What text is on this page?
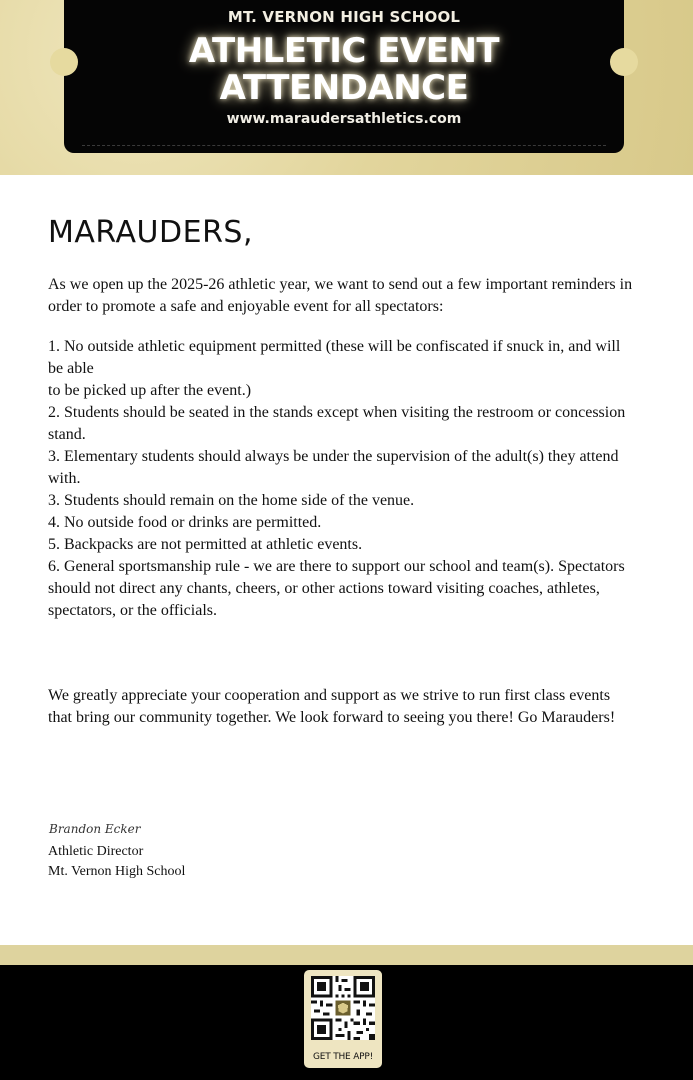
MT. VERNON HIGH SCHOOL
ATHLETIC EVENT
ATTENDANCE
www.maraudersathletics.com
MARAUDERS,

As we open up the 2025-26 athletic year, we want to send out a few important reminders in order to promote a safe and enjoyable event for all spectators:

1. No outside athletic equipment permitted (these will be confiscated if snuck in, and will be able
to be picked up after the event.)
2. Students should be seated in the stands except when visiting the restroom or concession stand.
3. Elementary students should always be under the supervision of the adult(s) they attend with.
3. Students should remain on the home side of the venue.
4. No outside food or drinks are permitted.
5. Backpacks are not permitted at athletic events.
6. General sportsmanship rule - we are there to support our school and team(s). Spectators
should not direct any chants, cheers, or other actions toward visiting coaches, athletes,
spectators, or the officials.

We greatly appreciate your cooperation and support as we strive to run first class events that bring our community together. We look forward to seeing you there! Go Marauders!

Brandon Ecker
Athletic Director
Mt. Vernon High School
GET THE APP!
